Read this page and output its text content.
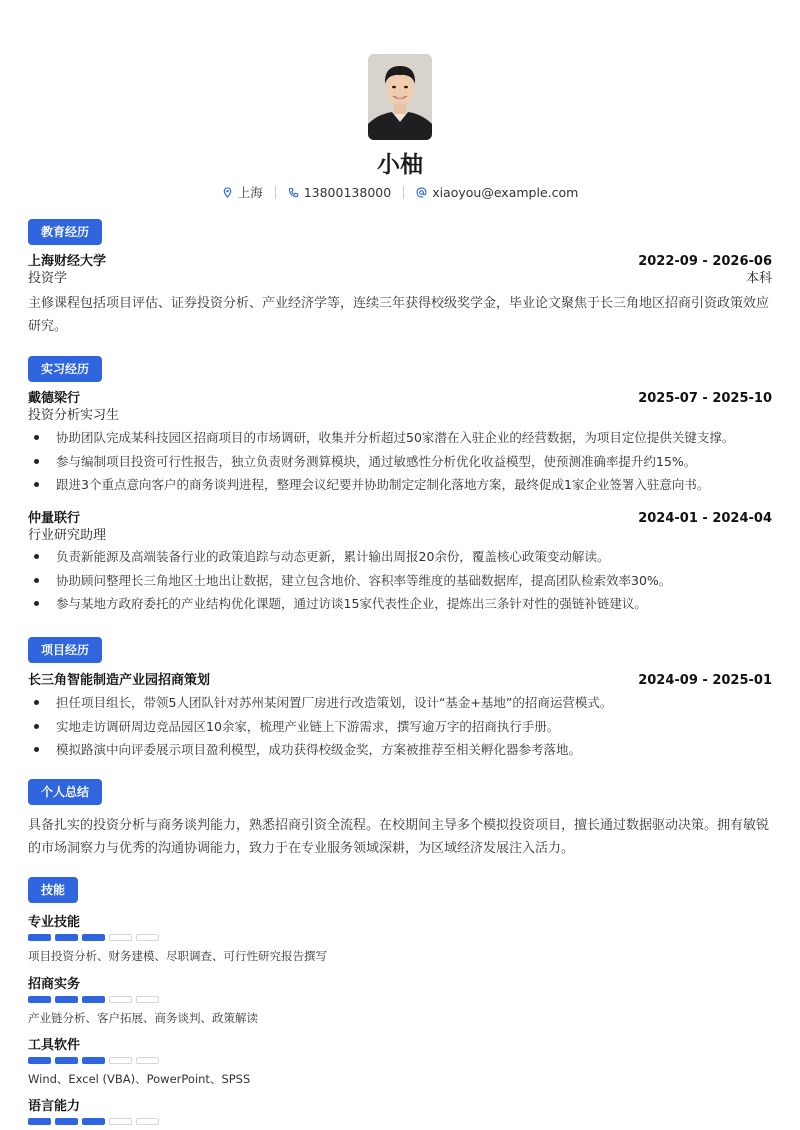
小柚
上海	13800138000	xiaoyou@example.com
教育经历
上海财经大学	2022-09 - 2026-06
投资学	本科
主修课程包括项目评估、证券投资分析、产业经济学等，连续三年获得校级奖学金，毕业论文聚焦于长三角地区招商引资政策效应研究。
实习经历
戴德梁行	2025-07 - 2025-10
投资分析实习生
协助团队完成某科技园区招商项目的市场调研，收集并分析超过50家潜在入驻企业的经营数据，为项目定位提供关键支撑。
参与编制项目投资可行性报告，独立负责财务测算模块，通过敏感性分析优化收益模型，使预测准确率提升约15%。
跟进3个重点意向客户的商务谈判进程，整理会议纪要并协助制定定制化落地方案，最终促成1家企业签署入驻意向书。
仲量联行	2024-01 - 2024-04
行业研究助理
负责新能源及高端装备行业的政策追踪与动态更新，累计输出周报20余份，覆盖核心政策变动解读。
协助顾问整理长三角地区土地出让数据，建立包含地价、容积率等维度的基础数据库，提高团队检索效率30%。
参与某地方政府委托的产业结构优化课题，通过访谈15家代表性企业，提炼出三条针对性的强链补链建议。
项目经历
长三角智能制造产业园招商策划	2024-09 - 2025-01
担任项目组长，带领5人团队针对苏州某闲置厂房进行改造策划，设计“基金+基地”的招商运营模式。
实地走访调研周边竞品园区10余家，梳理产业链上下游需求，撰写逾万字的招商执行手册。
模拟路演中向评委展示项目盈利模型，成功获得校级金奖，方案被推荐至相关孵化器参考落地。
个人总结
具备扎实的投资分析与商务谈判能力，熟悉招商引资全流程。在校期间主导多个模拟投资项目，擅长通过数据驱动决策。拥有敏锐的市场洞察力与优秀的沟通协调能力，致力于在专业服务领域深耕，为区域经济发展注入活力。
技能
专业技能
项目投资分析、财务建模、尽职调查、可行性研究报告撰写
招商实务
产业链分析、客户拓展、商务谈判、政策解读
工具软件
Wind、Excel (VBA)、PowerPoint、SPSS
语言能力
